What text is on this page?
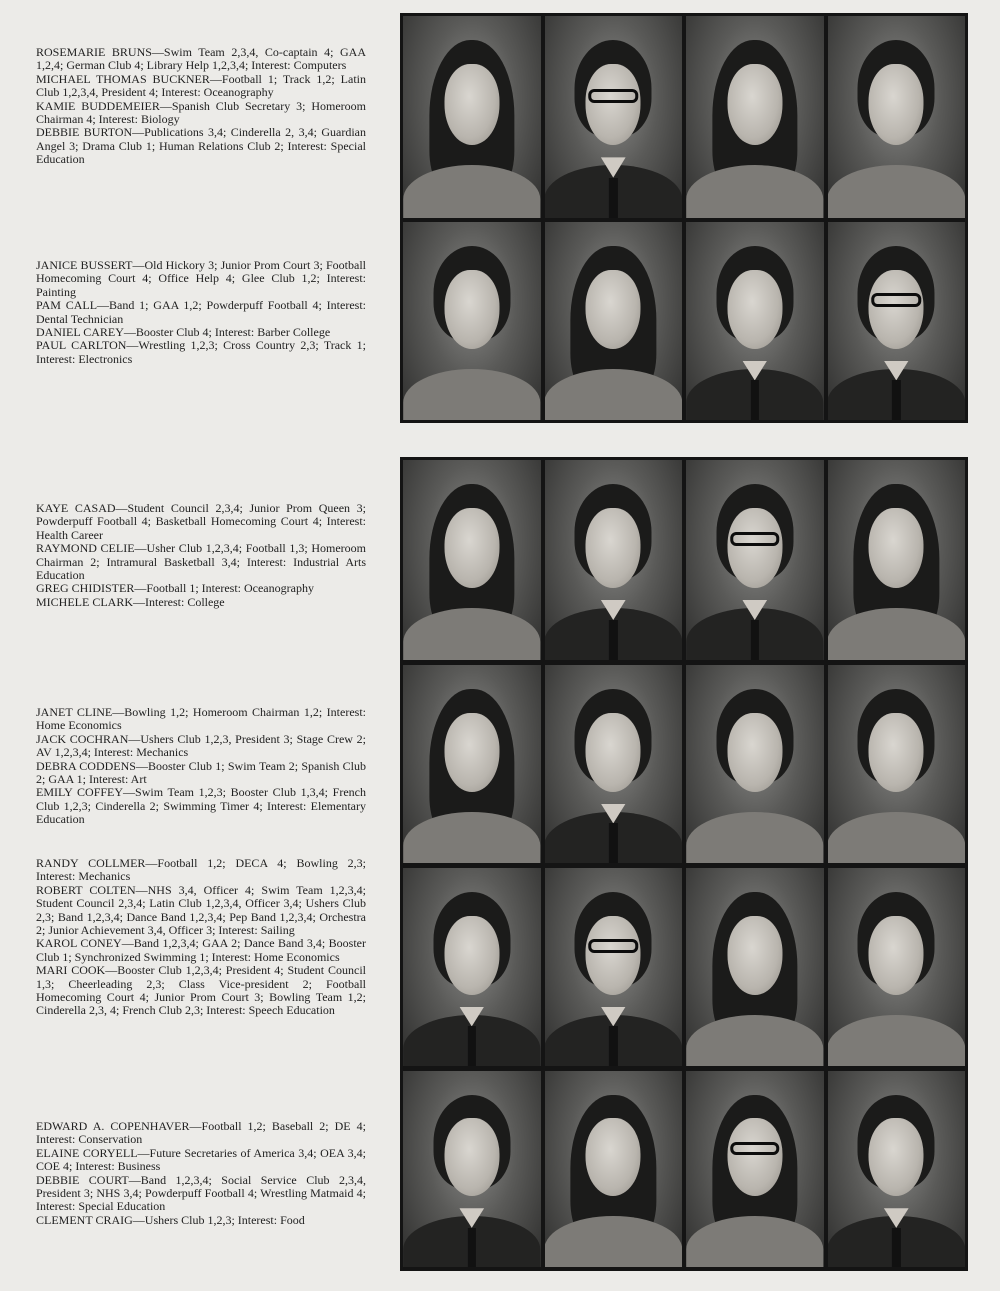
ROSEMARIE BRUNS—Swim Team 2,3,4, Co-captain 4; GAA 1,2,4; German Club 4; Library Help 1,2,3,4; Interest: Computers

MICHAEL THOMAS BUCKNER—Football 1; Track 1,2; Latin Club 1,2,3,4, President 4; Interest: Oceanography

KAMIE BUDDEMEIER—Spanish Club Secretary 3; Homeroom Chairman 4; Interest: Biology

DEBBIE BURTON—Publications 3,4; Cinderella 2, 3,4; Guardian Angel 3; Drama Club 1; Human Relations Club 2; Interest: Special Education

JANICE BUSSERT—Old Hickory 3; Junior Prom Court 3; Football Homecoming Court 4; Office Help 4; Glee Club 1,2; Interest: Painting

PAM CALL—Band 1; GAA 1,2; Powderpuff Football 4; Interest: Dental Technician

DANIEL CAREY—Booster Club 4; Interest: Barber College

PAUL CARLTON—Wrestling 1,2,3; Cross Country 2,3; Track 1; Interest: Electronics

KAYE CASAD—Student Council 2,3,4; Junior Prom Queen 3; Powderpuff Football 4; Basketball Homecoming Court 4; Interest: Health Career

RAYMOND CELIE—Usher Club 1,2,3,4; Football 1,3; Homeroom Chairman 2; Intramural Basketball 3,4; Interest: Industrial Arts Education

GREG CHIDISTER—Football 1; Interest: Oceanography

MICHELE CLARK—Interest: College

JANET CLINE—Bowling 1,2; Homeroom Chairman 1,2; Interest: Home Economics

JACK COCHRAN—Ushers Club 1,2,3, President 3; Stage Crew 2; AV 1,2,3,4; Interest: Mechanics

DEBRA CODDENS—Booster Club 1; Swim Team 2; Spanish Club 2; GAA 1; Interest: Art

EMILY COFFEY—Swim Team 1,2,3; Booster Club 1,3,4; French Club 1,2,3; Cinderella 2; Swimming Timer 4; Interest: Elementary Education

RANDY COLLMER—Football 1,2; DECA 4; Bowling 2,3; Interest: Mechanics

ROBERT COLTEN—NHS 3,4, Officer 4; Swim Team 1,2,3,4; Student Council 2,3,4; Latin Club 1,2,3,4, Officer 3,4; Ushers Club 2,3; Band 1,2,3,4; Dance Band 1,2,3,4; Pep Band 1,2,3,4; Orchestra 2; Junior Achievement 3,4, Officer 3; Interest: Sailing

KAROL CONEY—Band 1,2,3,4; GAA 2; Dance Band 3,4; Booster Club 1; Synchronized Swimming 1; Interest: Home Economics

MARI COOK—Booster Club 1,2,3,4; President 4; Student Council 1,3; Cheerleading 2,3; Class Vice-president 2; Football Homecoming Court 4; Junior Prom Court 3; Bowling Team 1,2; Cinderella 2,3, 4; French Club 2,3; Interest: Speech Education

EDWARD A. COPENHAVER—Football 1,2; Baseball 2; DE 4; Interest: Conservation

ELAINE CORYELL—Future Secretaries of America 3,4; OEA 3,4; COE 4; Interest: Business

DEBBIE COURT—Band 1,2,3,4; Social Service Club 2,3,4, President 3; NHS 3,4; Powderpuff Football 4; Wrestling Matmaid 4; Interest: Special Education

CLEMENT CRAIG—Ushers Club 1,2,3; Interest: Food
